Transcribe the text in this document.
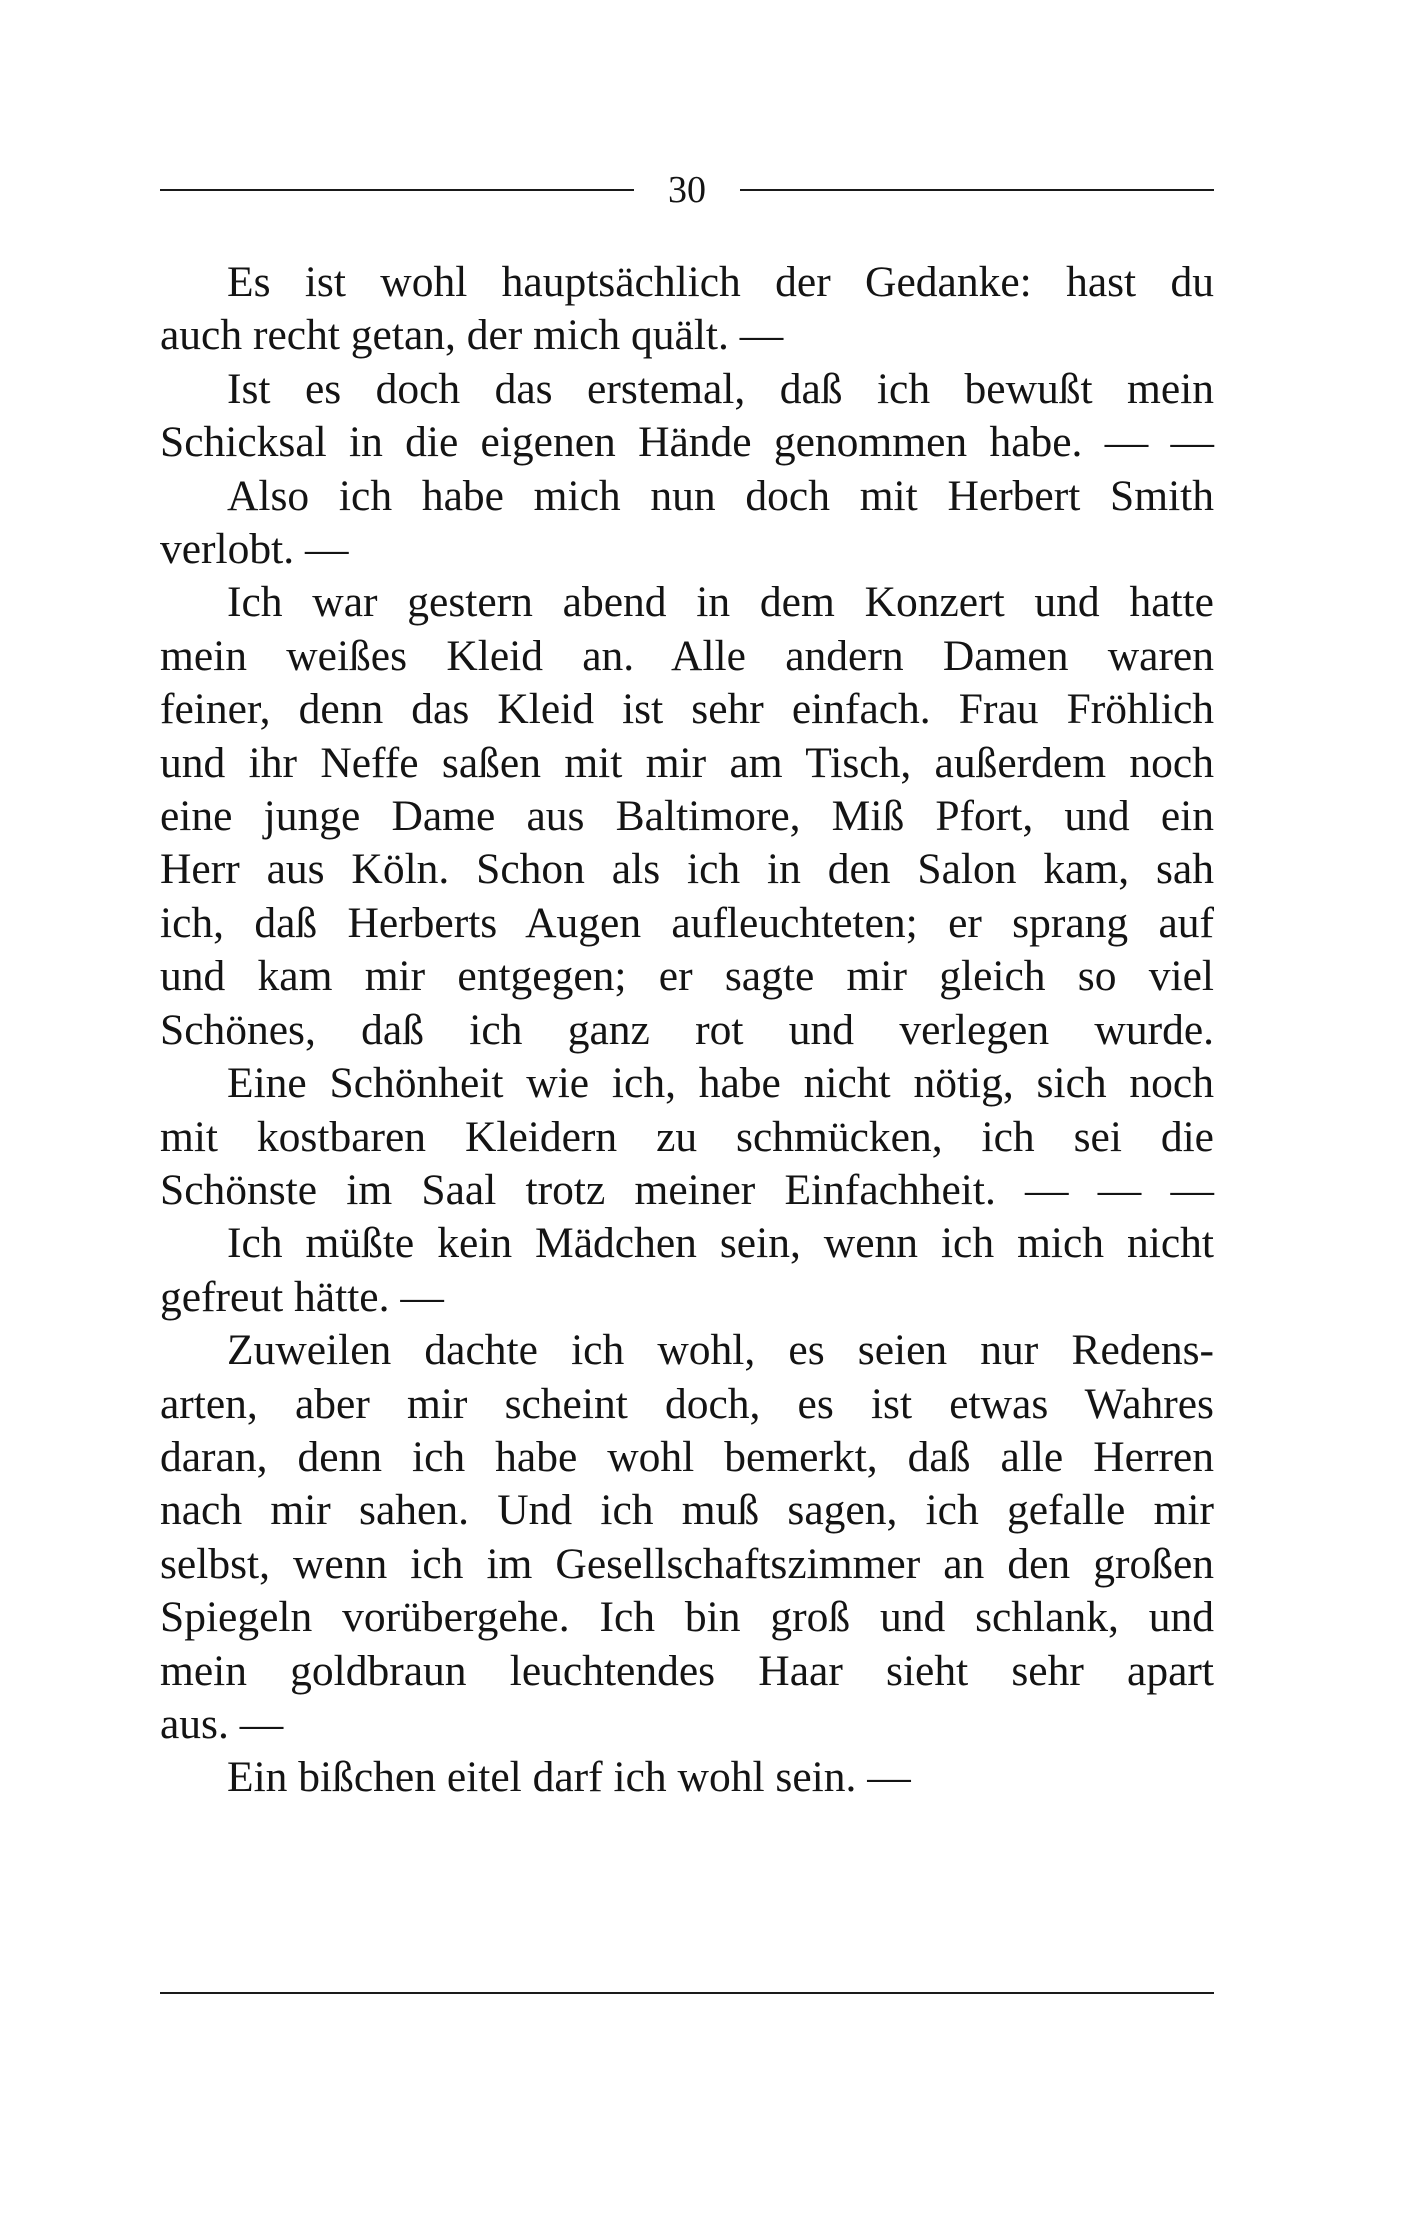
30

Es ist wohl hauptsächlich der Gedanke: hast du
auch recht getan, der mich quält. —

Ist es doch das erstemal, daß ich bewußt mein
Schicksal in die eigenen Hände genommen habe. — —

Also ich habe mich nun doch mit Herbert Smith
verlobt. —

Ich war gestern abend in dem Konzert und hatte
mein weißes Kleid an. Alle andern Damen waren
feiner, denn das Kleid ist sehr einfach. Frau Fröhlich
und ihr Neffe saßen mit mir am Tisch, außerdem noch
eine junge Dame aus Baltimore, Miß Pfort, und ein
Herr aus Köln. Schon als ich in den Salon kam, sah
ich, daß Herberts Augen aufleuchteten; er sprang auf
und kam mir entgegen; er sagte mir gleich so viel
Schönes, daß ich ganz rot und verlegen wurde.

Eine Schönheit wie ich, habe nicht nötig, sich noch
mit kostbaren Kleidern zu schmücken, ich sei die
Schönste im Saal trotz meiner Einfachheit. — — —

Ich müßte kein Mädchen sein, wenn ich mich nicht
gefreut hätte. —

Zuweilen dachte ich wohl, es seien nur Redens-
arten, aber mir scheint doch, es ist etwas Wahres
daran, denn ich habe wohl bemerkt, daß alle Herren
nach mir sahen. Und ich muß sagen, ich gefalle mir
selbst, wenn ich im Gesellschaftszimmer an den großen
Spiegeln vorübergehe. Ich bin groß und schlank, und
mein goldbraun leuchtendes Haar sieht sehr apart
aus. —

Ein bißchen eitel darf ich wohl sein. —
